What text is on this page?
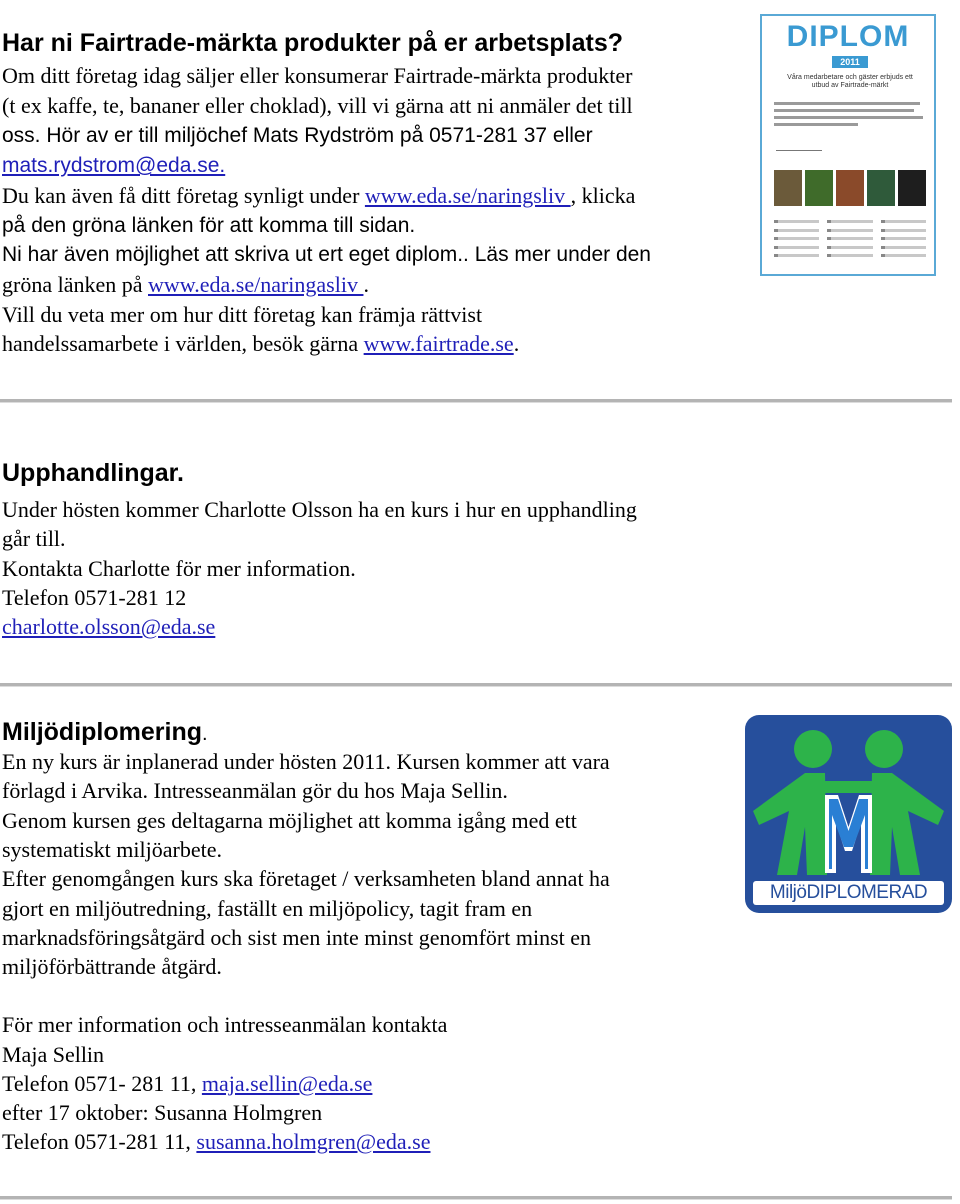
Har ni Fairtrade-märkta produkter på er arbetsplats?
Om ditt företag idag säljer eller konsumerar Fairtrade-märkta produkter
(t ex kaffe, te, bananer eller choklad), vill vi gärna att ni anmäler det till
oss. Hör av er till miljöchef Mats Rydström på 0571-281 37 eller
mats.rydstrom@eda.se.
Du kan även få ditt företag synligt under www.eda.se/naringsliv , klicka
på den gröna länken för att komma till sidan.
Ni har även möjlighet att skriva ut ert eget diplom.. Läs mer under den
gröna länken på www.eda.se/naringasliv .
Vill du veta mer om hur ditt företag kan främja rättvist
handelssamarbete i världen, besök gärna www.fairtrade.se.
DIPLOM
2011
Våra medarbetare och gäster erbjuds ett utbud av Fairtrade-märkt
Upphandlingar.
Under hösten kommer Charlotte Olsson ha en kurs i hur en upphandling
går till.
Kontakta Charlotte för mer information.
Telefon 0571-281 12
charlotte.olsson@eda.se
Miljödiplomering.
En ny kurs är inplanerad under hösten 2011. Kursen kommer att vara
förlagd i Arvika. Intresseanmälan gör du hos Maja Sellin.
Genom kursen ges deltagarna möjlighet att komma igång med ett
systematiskt miljöarbete.
Efter genomgången kurs ska företaget / verksamheten bland annat ha
gjort en miljöutredning, faställt en miljöpolicy, tagit fram en
marknadsföringsåtgärd och sist men inte minst genomfört minst en
miljöförbättrande åtgärd.
För mer information och intresseanmälan kontakta
Maja Sellin
Telefon 0571- 281 11, maja.sellin@eda.se
efter 17 oktober: Susanna Holmgren
Telefon 0571-281 11, susanna.holmgren@eda.se
MiljöDIPLOMERAD
